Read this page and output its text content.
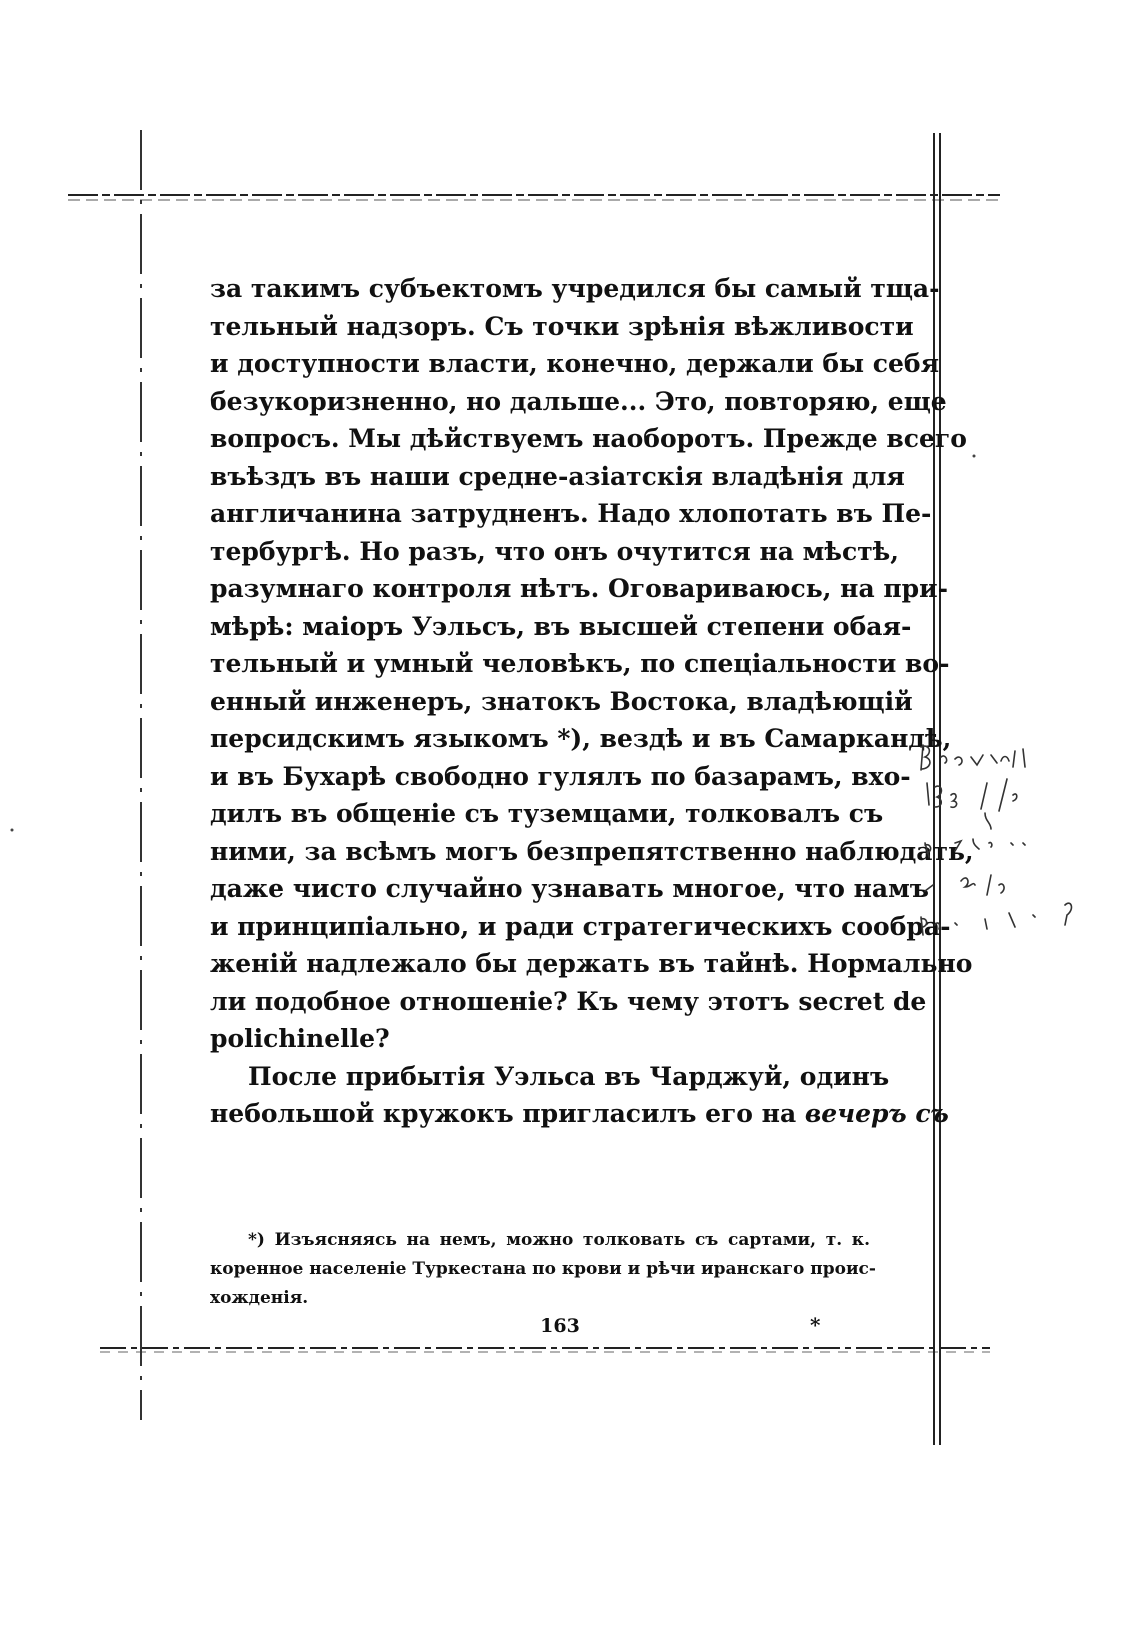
за такимъ субъектомъ учредился бы самый тща-
тельный надзоръ. Съ точки зрѣнія вѣжливости
и доступности власти, конечно, держали бы себя
безукоризненно, но дальше... Это, повторяю, еще
вопросъ. Мы дѣйствуемъ наоборотъ. Прежде всего
въѣздъ въ наши средне-азіатскія владѣнія для
англичанина затрудненъ. Надо хлопотать въ Пе-
тербургѣ. Но разъ, что онъ очутится на мѣстѣ,
разумнаго контроля нѣтъ. Оговариваюсь, на при-
мѣрѣ: маіоръ Уэльсъ, въ высшей степени обая-
тельный и умный человѣкъ, по спеціальности во-
енный инженеръ, знатокъ Востока, владѣющій
персидскимъ языкомъ *), вездѣ и въ Самаркандѣ,
и въ Бухарѣ свободно гулялъ по базарамъ, вхо-
дилъ въ общеніе съ туземцами, толковалъ съ
ними, за всѣмъ могъ безпрепятственно наблюдать,
даже чисто случайно узнавать многое, что намъ
и принципіально, и ради стратегическихъ сообра-
женій надлежало бы держать въ тайнѣ. Нормально
ли подобное отношеніе? Къ чему этотъ secret de
polichinelle?
После прибытія Уэльса въ Чарджуй, одинъ
небольшой кружокъ пригласилъ его на вечеръ съ
*) Изъясняясь на немъ, можно толковать съ сартами, т. к.
коренное населеніе Туркестана по крови и рѣчи иранскаго проис-
хожденія.
163	*
